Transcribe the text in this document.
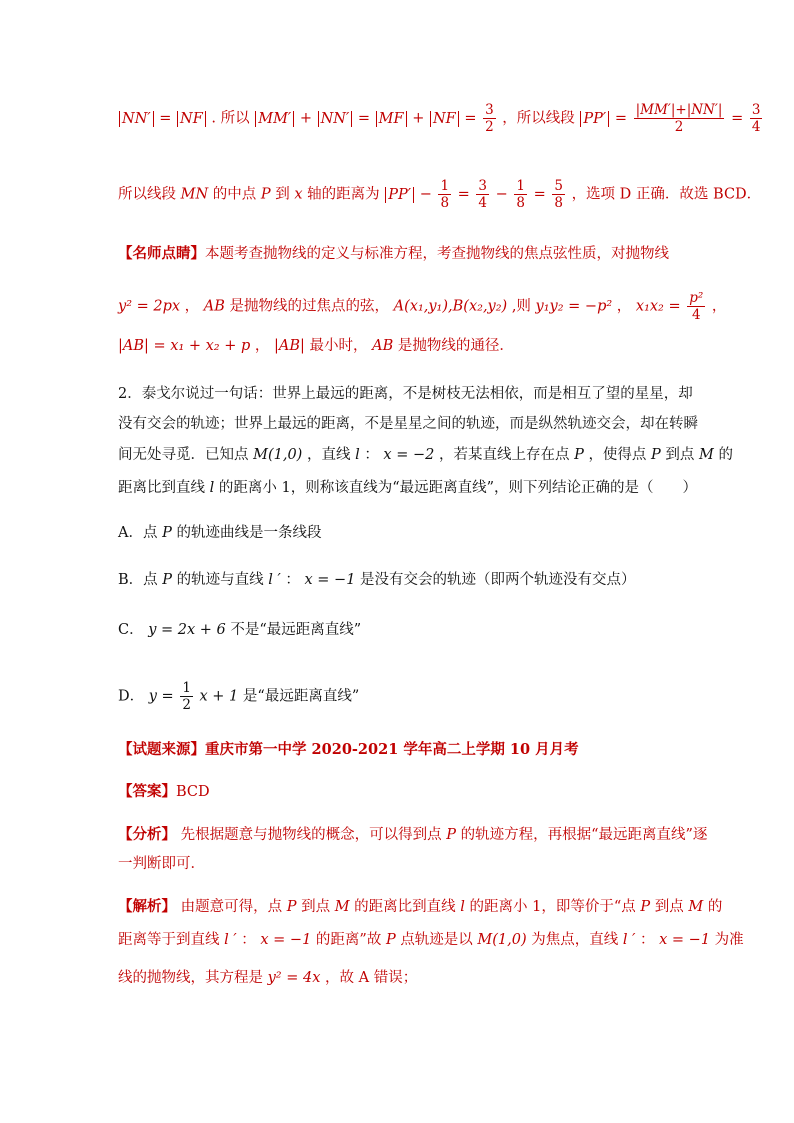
NN′ = NF . 所以 MM′ + NN′ = MF + NF = $\frac{3}{2}$ ，所以线段 $PP' = \frac{|MM'|+|NN'|}{2} = \frac{3}{4}$
所以线段 MN 的中点 P 到 x 轴的距离为 $PP' - \frac{1}{8} = \frac{3}{4} - \frac{1}{8} = \frac{5}{8}$ ，选项 D 正确．故选 BCD．
【名师点睛】本题考查抛物线的定义与标准方程，考查抛物线的焦点弦性质，对抛物线
y² = 2px ， AB 是抛物线的过焦点的弦， A(x₁,y₁),B(x₂,y₂) ,则 y₁y₂ = −p² ， $x_1x_2 = \frac{\text{p²}}{4}$ ，
|AB| = x₁ + x₂ + p ， |AB| 最小时， AB 是抛物线的通径．
2．泰戈尔说过一句话：世界上最远的距离，不是树枝无法相依，而是相互了望的星星，却
没有交会的轨迹；世界上最远的距离，不是星星之间的轨迹，而是纵然轨迹交会，却在转瞬
间无处寻觅．已知点 M(1,0) ，直线 l ： x = −2 ，若某直线上存在点 P ，使得点 P 到点 M 的
距离比到直线 l 的距离小 1，则称该直线为“最远距离直线”，则下列结论正确的是（　　）
A．点 P 的轨迹曲线是一条线段
B．点 P 的轨迹与直线 l ′ ： x = −1 是没有交会的轨迹（即两个轨迹没有交点）
C． y = 2x + 6 不是“最远距离直线”
D． $y = \frac{1}{2}$ x + 1 是“最远距离直线”
【试题来源】重庆市第一中学 2020-2021 学年高二上学期 10 月月考
【答案】BCD
【分析】 先根据题意与抛物线的概念，可以得到点 P 的轨迹方程，再根据“最远距离直线”逐
一判断即可．
【解析】 由题意可得，点 P 到点 M 的距离比到直线 l 的距离小 1，即等价于“点 P 到点 M 的
距离等于到直线 l ′ ： x = −1 的距离”故 P 点轨迹是以 M(1,0) 为焦点，直线 l ′ ： x = −1 为准
线的抛物线，其方程是 y² = 4x ，故 A 错误；
